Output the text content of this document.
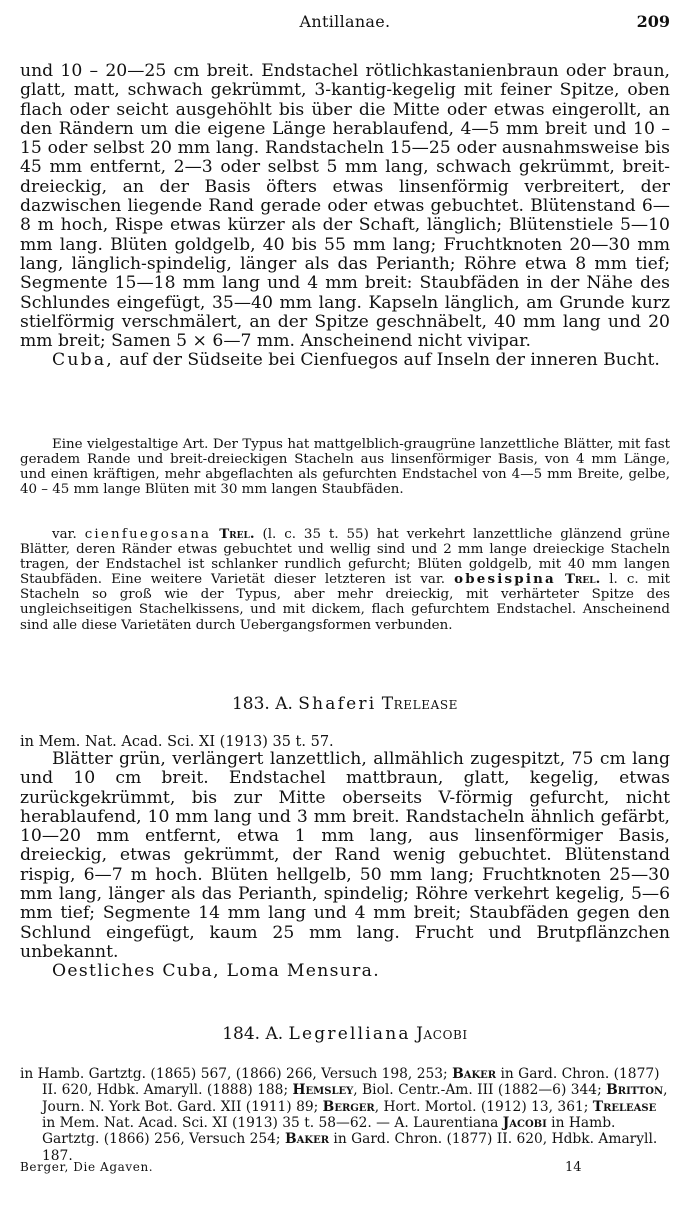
Antillanae.	209

und 10 – 20—25 cm breit. Endstachel rötlichkastanienbraun oder braun, glatt, matt, schwach gekrümmt, 3-kantig-kegelig mit feiner Spitze, oben flach oder seicht ausgehöhlt bis über die Mitte oder etwas eingerollt, an den Rändern um die eigene Länge herablaufend, 4—5 mm breit und 10 – 15 oder selbst 20 mm lang. Randstacheln 15—25 oder ausnahmsweise bis 45 mm entfernt, 2—3 oder selbst 5 mm lang, schwach gekrümmt, breit-dreieckig, an der Basis öfters etwas linsenförmig verbreitert, der dazwischen liegende Rand gerade oder etwas gebuchtet. Blütenstand 6—8 m hoch, Rispe etwas kürzer als der Schaft, länglich; Blütenstiele 5—10 mm lang. Blüten goldgelb, 40 bis 55 mm lang; Fruchtknoten 20—30 mm lang, länglich-spindelig, länger als das Perianth; Röhre etwa 8 mm tief; Segmente 15—18 mm lang und 4 mm breit: Staubfäden in der Nähe des Schlundes eingefügt, 35—40 mm lang. Kapseln länglich, am Grunde kurz stielförmig verschmälert, an der Spitze geschnäbelt, 40 mm lang und 20 mm breit; Samen 5 × 6—7 mm. Anscheinend nicht vivipar.

Cuba, auf der Südseite bei Cienfuegos auf Inseln der inneren Bucht.

Eine vielgestaltige Art. Der Typus hat mattgelblich-graugrüne lanzettliche Blätter, mit fast geradem Rande und breit-dreieckigen Stacheln aus linsenförmiger Basis, von 4 mm Länge, und einen kräftigen, mehr abgeflachten als gefurchten Endstachel von 4—5 mm Breite, gelbe, 40 – 45 mm lange Blüten mit 30 mm langen Staubfäden.

var. cienfuegosana Trel. (l. c. 35 t. 55) hat verkehrt lanzettliche glänzend grüne Blätter, deren Ränder etwas gebuchtet und wellig sind und 2 mm lange dreieckige Stacheln tragen, der Endstachel ist schlanker rundlich gefurcht; Blüten goldgelb, mit 40 mm langen Staubfäden. Eine weitere Varietät dieser letzteren ist var. obesispina Trel. l. c. mit Stacheln so groß wie der Typus, aber mehr dreieckig, mit verhärteter Spitze des ungleichseitigen Stachelkissens, und mit dickem, flach gefurchtem Endstachel. Anscheinend sind alle diese Varietäten durch Uebergangsformen verbunden.

183. A. Shaferi Trelease

in Mem. Nat. Acad. Sci. XI (1913) 35 t. 57.

Blätter grün, verlängert lanzettlich, allmählich zugespitzt, 75 cm lang und 10 cm breit. Endstachel mattbraun, glatt, kegelig, etwas zurückgekrümmt, bis zur Mitte oberseits V-förmig gefurcht, nicht herablaufend, 10 mm lang und 3 mm breit. Randstacheln ähnlich gefärbt, 10—20 mm entfernt, etwa 1 mm lang, aus linsenförmiger Basis, dreieckig, etwas gekrümmt, der Rand wenig gebuchtet. Blütenstand rispig, 6—7 m hoch. Blüten hellgelb, 50 mm lang; Fruchtknoten 25—30 mm lang, länger als das Perianth, spindelig; Röhre verkehrt kegelig, 5—6 mm tief; Segmente 14 mm lang und 4 mm breit; Staubfäden gegen den Schlund eingefügt, kaum 25 mm lang. Frucht und Brutpflänzchen unbekannt.

Oestliches Cuba, Loma Mensura.

184. A. Legrelliana Jacobi

in Hamb. Gartztg. (1865) 567, (1866) 266, Versuch 198, 253; Baker in Gard. Chron. (1877) II. 620, Hdbk. Amaryll. (1888) 188; Hemsley, Biol. Centr.-Am. III (1882—6) 344; Britton, Journ. N. York Bot. Gard. XII (1911) 89; Berger, Hort. Mortol. (1912) 13, 361; Trelease in Mem. Nat. Acad. Sci. XI (1913) 35 t. 58—62. — A. Laurentiana Jacobi in Hamb. Gartztg. (1866) 256, Versuch 254; Baker in Gard. Chron. (1877) II. 620, Hdbk. Amaryll. 187.

Berger, Die Agaven.	14
